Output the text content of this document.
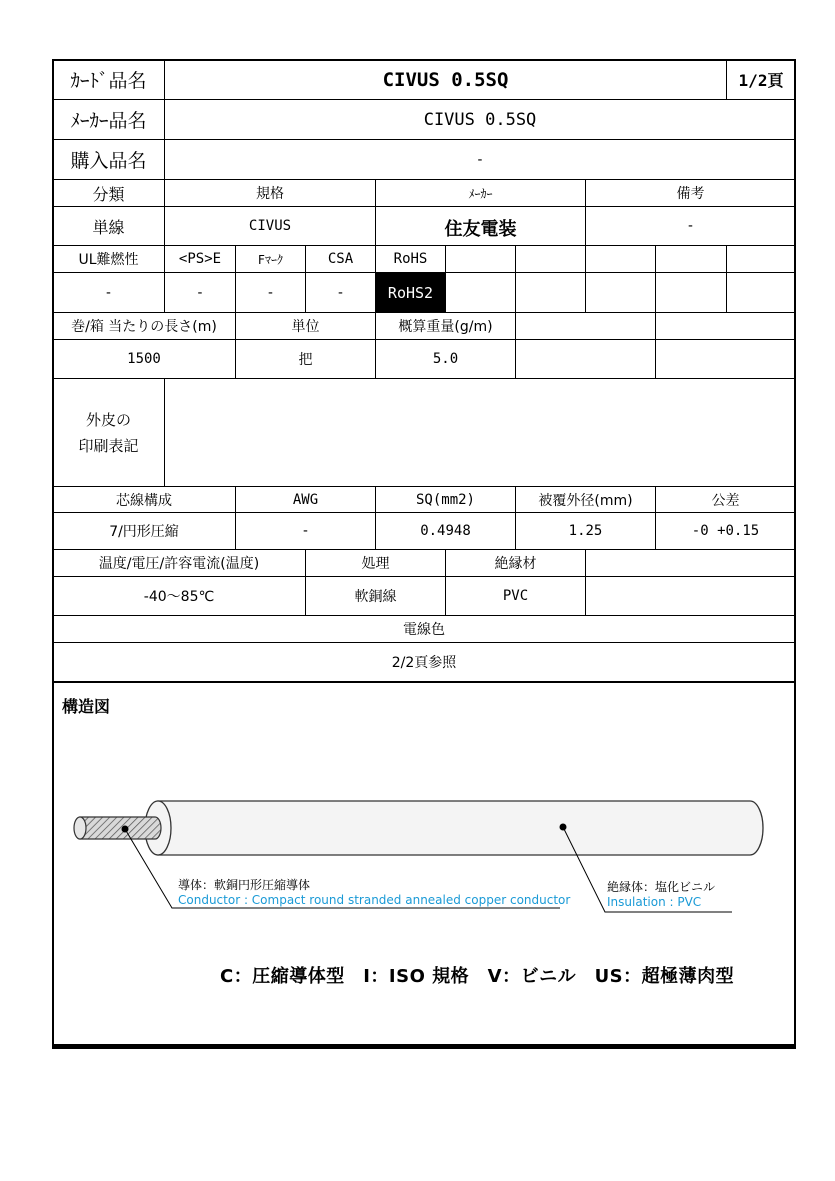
ｶｰﾄﾞ品名	CIVUS 0.5SQ	1/2頁
ﾒｰｶｰ品名	CIVUS 0.5SQ
購入品名	-
分類	規格	ﾒｰｶｰ	備考
単線	CIVUS	住友電装	-
UL難燃性	<PS>E	Fﾏｰｸ	CSA	RoHS
-	-	-	-	RoHS2
巻/箱 当たりの長さ(m)	単位	概算重量(g/m)
1500	把	5.0
外皮の
印刷表記
芯線構成	AWG	SQ(mm2)	被覆外径(mm)	公差
7/円形圧縮	-	0.4948	1.25	-0 +0.15
温度/電圧/許容電流(温度)	処理	絶縁材
-40～85℃	軟銅線	PVC
電線色
2/2頁参照
構造図
導体：軟銅円形圧縮導体
Conductor : Compact round stranded annealed copper conductor
絶縁体：塩化ビニル
Insulation : PVC
C：圧縮導体型　I：ISO 規格　V：ビニル　US：超極薄肉型
